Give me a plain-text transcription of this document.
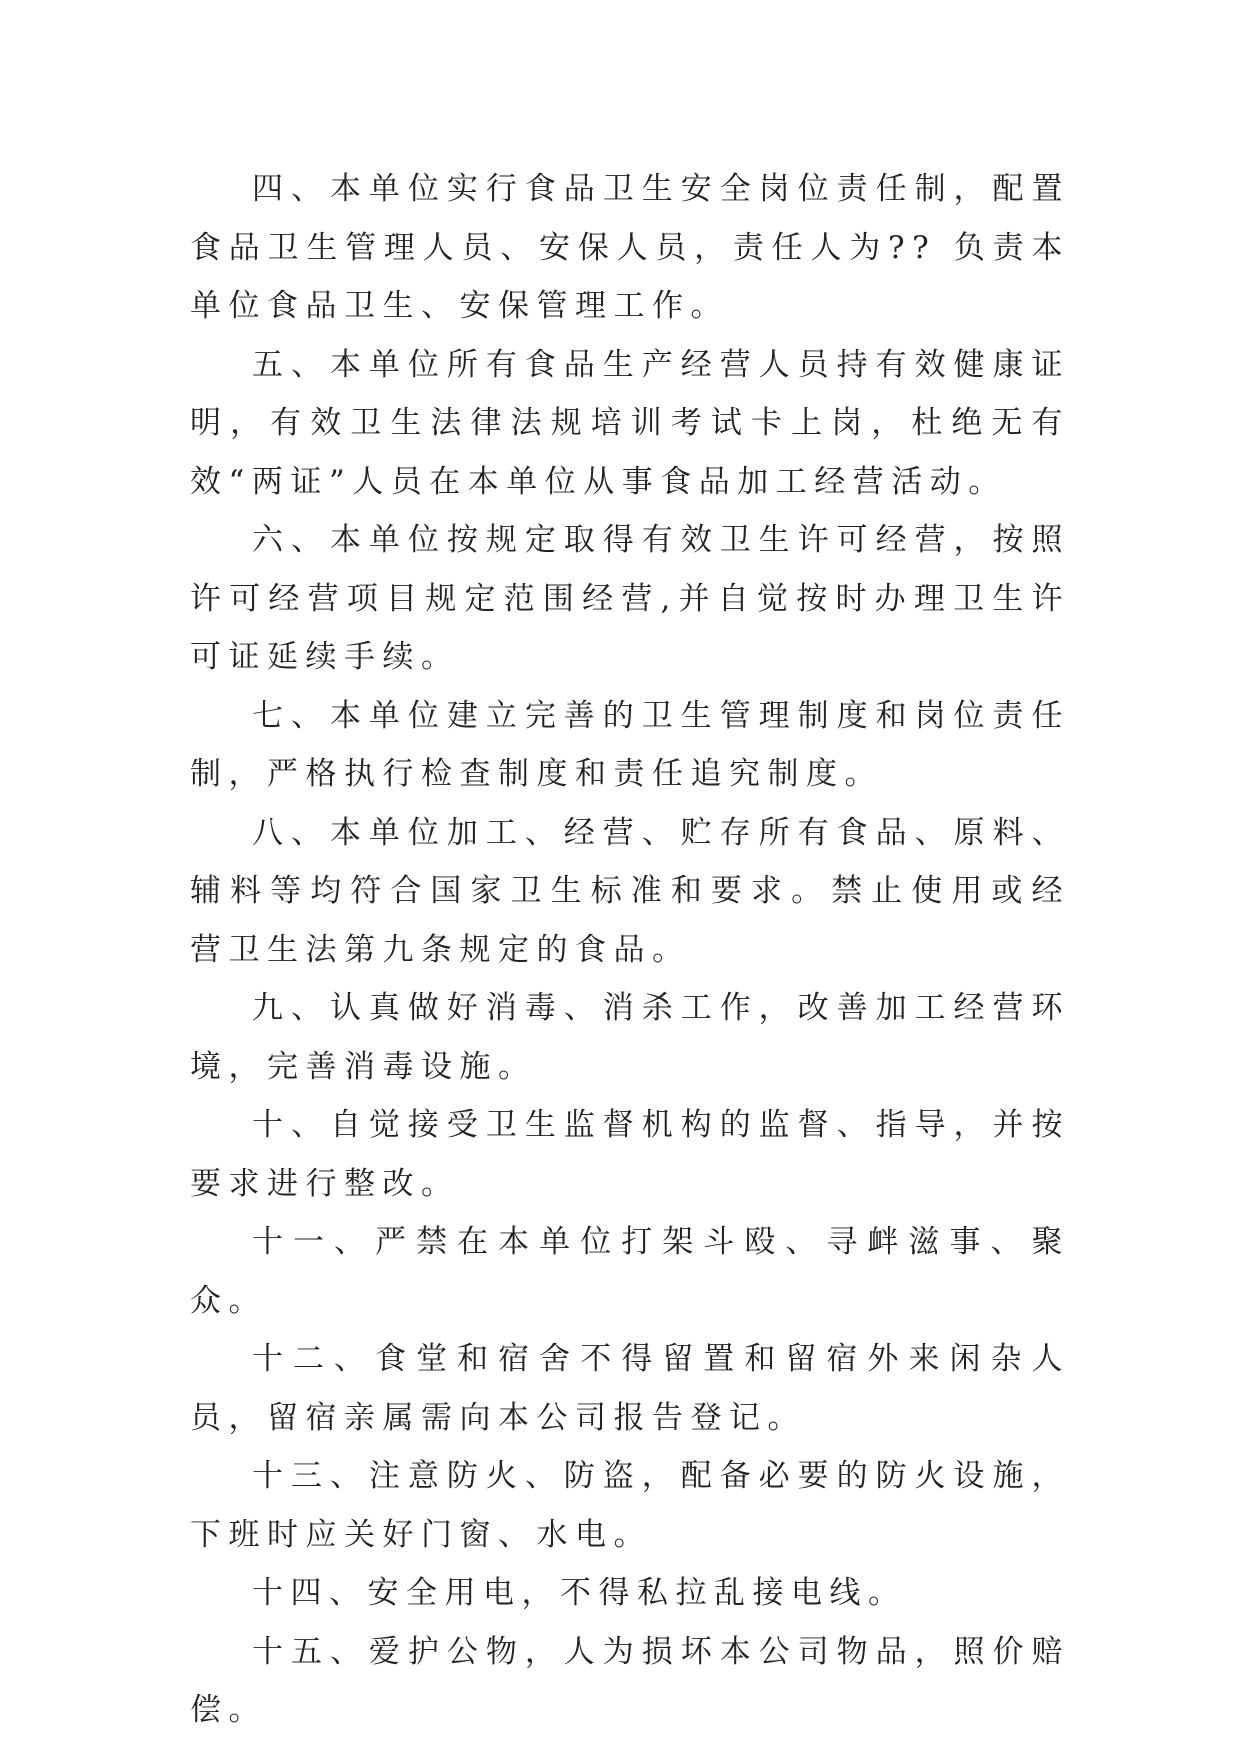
四、本单位实行食品卫生安全岗位责任制，配置食品卫生管理人员、安保人员，责任人为?? 负责本单位食品卫生、安保管理工作。

五、本单位所有食品生产经营人员持有效健康证明，有效卫生法律法规培训考试卡上岗，杜绝无有效“两证”人员在本单位从事食品加工经营活动。

六、本单位按规定取得有效卫生许可经营，按照许可经营项目规定范围经营,并自觉按时办理卫生许可证延续手续。

七、本单位建立完善的卫生管理制度和岗位责任制，严格执行检查制度和责任追究制度。

八、本单位加工、经营、贮存所有食品、原料、辅料等均符合国家卫生标准和要求。禁止使用或经营卫生法第九条规定的食品。

九、认真做好消毒、消杀工作，改善加工经营环境，完善消毒设施。

十、自觉接受卫生监督机构的监督、指导，并按要求进行整改。

十一、严禁在本单位打架斗殴、寻衅滋事、聚众。

十二、食堂和宿舍不得留置和留宿外来闲杂人员，留宿亲属需向本公司报告登记。

十三、注意防火、防盗，配备必要的防火设施，下班时应关好门窗、水电。

十四、安全用电，不得私拉乱接电线。

十五、爱护公物，人为损坏本公司物品，照价赔偿。
